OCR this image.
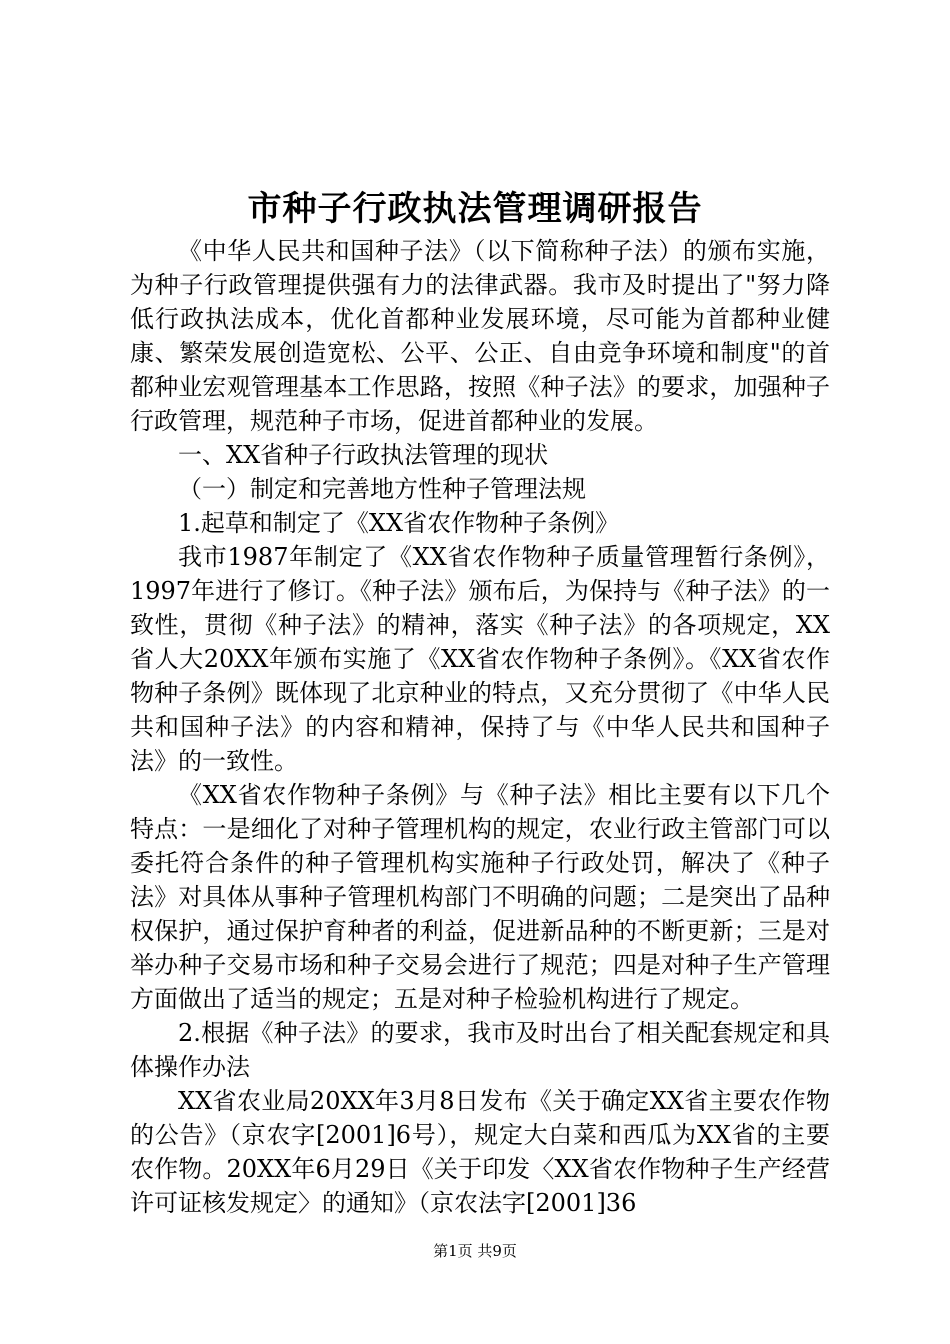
市种子行政执法管理调研报告

《中华人民共和国种子法》（以下简称种子法）的颁布实施，为种子行政管理提供强有力的法律武器。我市及时提出了"努力降低行政执法成本，优化首都种业发展环境，尽可能为首都种业健康、繁荣发展创造宽松、公平、公正、自由竞争环境和制度"的首都种业宏观管理基本工作思路，按照《种子法》的要求，加强种子行政管理，规范种子市场，促进首都种业的发展。

一、XX省种子行政执法管理的现状

（一）制定和完善地方性种子管理法规

1.起草和制定了《XX省农作物种子条例》

我市1987年制定了《XX省农作物种子质量管理暂行条例》，1997年进行了修订。《种子法》颁布后，为保持与《种子法》的一致性，贯彻《种子法》的精神，落实《种子法》的各项规定，XX省人大20XX年颁布实施了《XX省农作物种子条例》。《XX省农作物种子条例》既体现了北京种业的特点，又充分贯彻了《中华人民共和国种子法》的内容和精神，保持了与《中华人民共和国种子法》的一致性。

《XX省农作物种子条例》与《种子法》相比主要有以下几个特点：一是细化了对种子管理机构的规定，农业行政主管部门可以委托符合条件的种子管理机构实施种子行政处罚，解决了《种子法》对具体从事种子管理机构部门不明确的问题；二是突出了品种权保护，通过保护育种者的利益，促进新品种的不断更新；三是对举办种子交易市场和种子交易会进行了规范；四是对种子生产管理方面做出了适当的规定；五是对种子检验机构进行了规定。

2.根据《种子法》的要求，我市及时出台了相关配套规定和具体操作办法

XX省农业局20XX年3月8日发布《关于确定XX省主要农作物的公告》（京农字[2001]6号），规定大白菜和西瓜为XX省的主要农作物。20XX年6月29日《关于印发〈XX省农作物种子生产经营许可证核发规定〉的通知》（京农法字[2001]36

第1页 共9页
